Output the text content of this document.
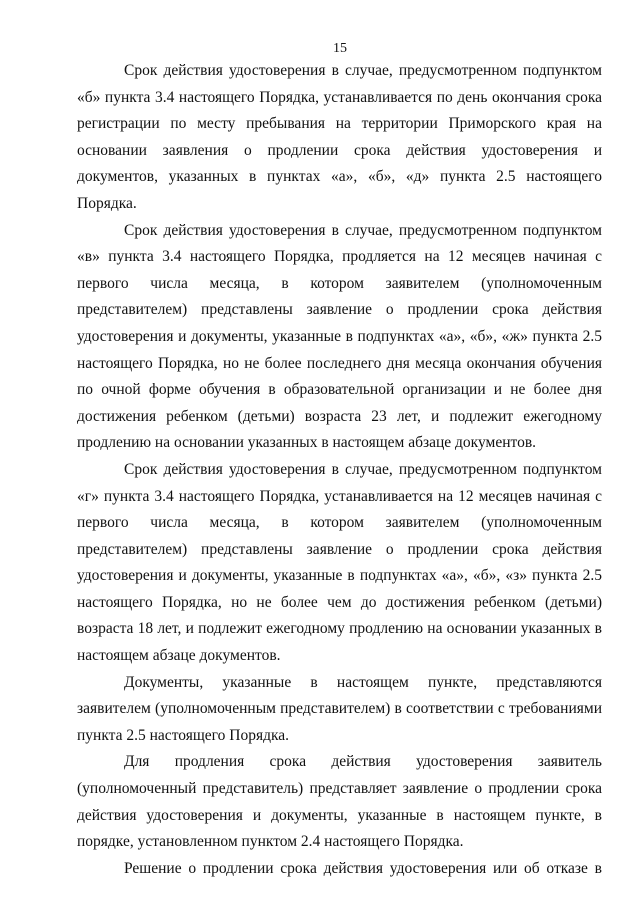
15

Срок действия удостоверения в случае, предусмотренном подпунктом «б» пункта 3.4 настоящего Порядка, устанавливается по день окончания срока регистрации по месту пребывания на территории Приморского края на основании заявления о продлении срока действия удостоверения и документов, указанных в пунктах «а», «б», «д» пункта 2.5 настоящего Порядка.

Срок действия удостоверения в случае, предусмотренном подпунктом «в» пункта 3.4 настоящего Порядка, продляется на 12 месяцев начиная с первого числа месяца, в котором заявителем (уполномоченным представителем) представлены заявление о продлении срока действия удостоверения и документы, указанные в подпунктах «а», «б», «ж» пункта 2.5 настоящего Порядка, но не более последнего дня месяца окончания обучения по очной форме обучения в образовательной организации и не более дня достижения ребенком (детьми) возраста 23 лет, и подлежит ежегодному продлению на основании указанных в настоящем абзаце документов.

Срок действия удостоверения в случае, предусмотренном подпунктом «г» пункта 3.4 настоящего Порядка, устанавливается на 12 месяцев начиная с первого числа месяца, в котором заявителем (уполномоченным представителем) представлены заявление о продлении срока действия удостоверения и документы, указанные в подпунктах «а», «б», «з» пункта 2.5 настоящего Порядка, но не более чем до достижения ребенком (детьми) возраста 18 лет, и подлежит ежегодному продлению на основании указанных в настоящем абзаце документов.

Документы, указанные в настоящем пункте, представляются заявителем (уполномоченным представителем) в соответствии с требованиями пункта 2.5 настоящего Порядка.

Для продления срока действия удостоверения заявитель (уполномоченный представитель) представляет заявление о продлении срока действия удостоверения и документы, указанные в настоящем пункте, в порядке, установленном пунктом 2.4 настоящего Порядка.

Решение о продлении срока действия удостоверения или об отказе в
